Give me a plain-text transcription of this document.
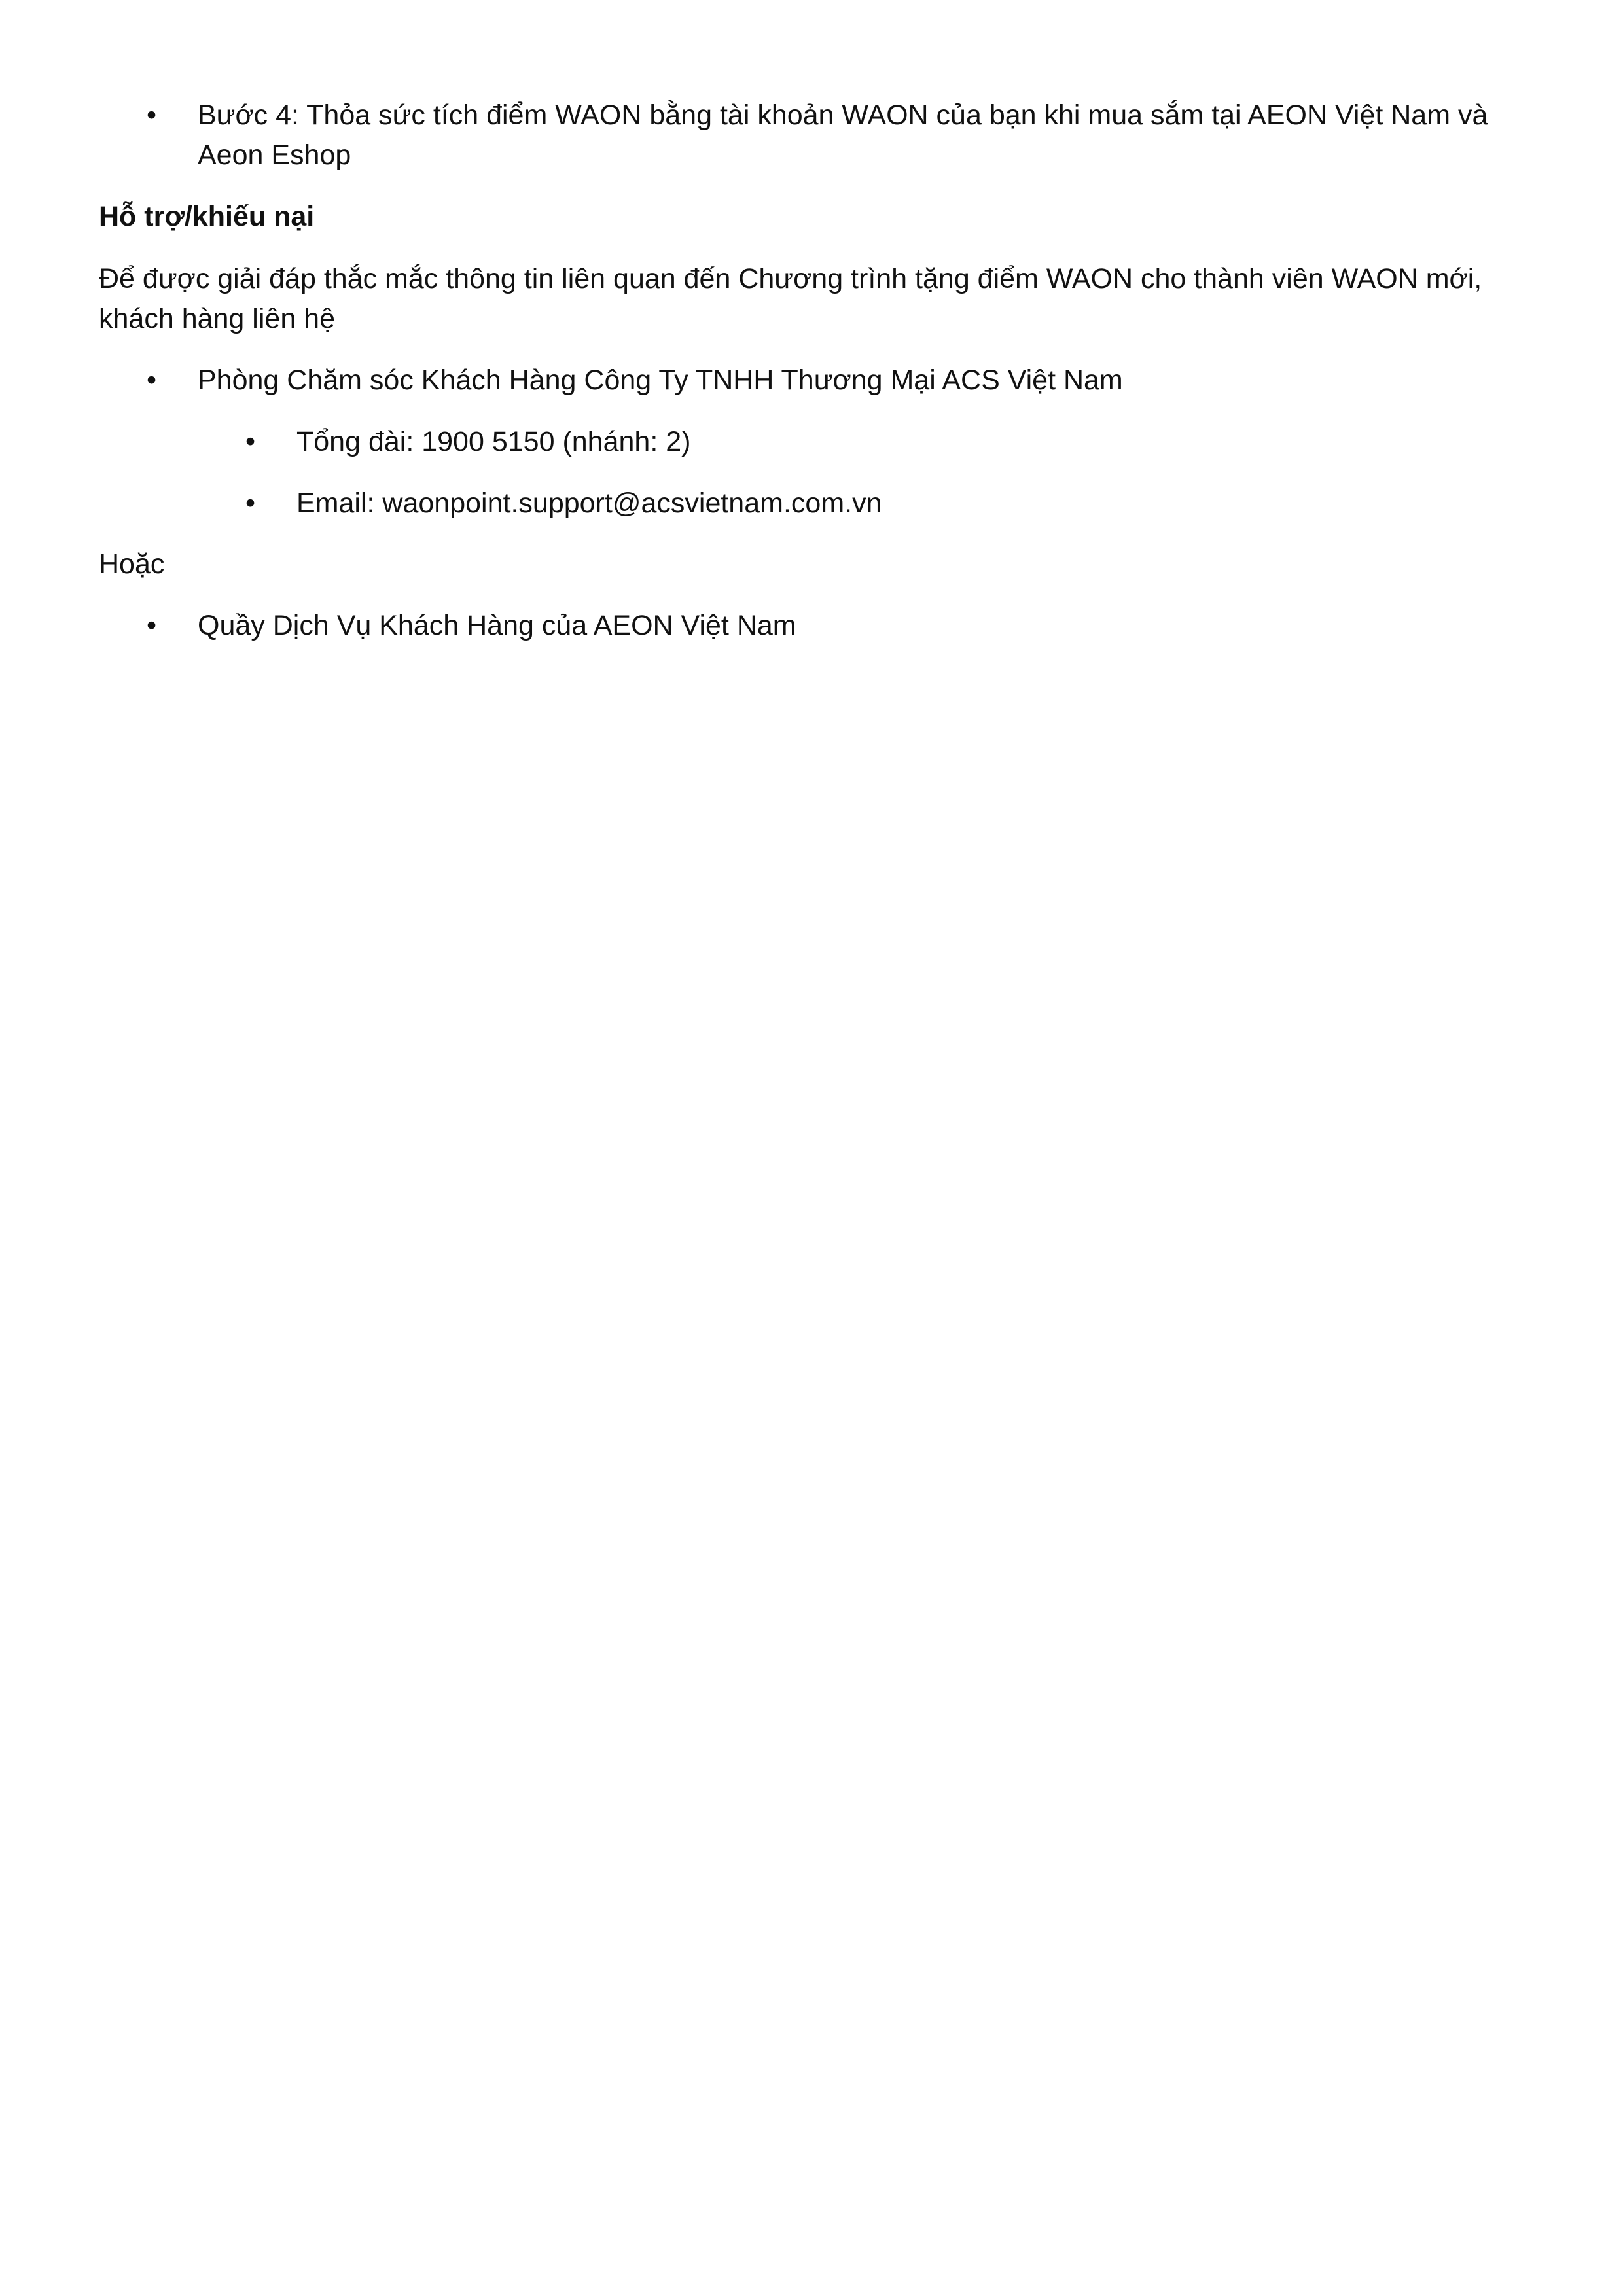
•	Bước 4: Thỏa sức tích điểm WAON bằng tài khoản WAON của bạn khi mua sắm tại AEON Việt Nam và Aeon Eshop

Hỗ trợ/khiếu nại

Để được giải đáp thắc mắc thông tin liên quan đến Chương trình tặng điểm WAON cho thành viên WAON mới, khách hàng liên hệ

•	Phòng Chăm sóc Khách Hàng Công Ty TNHH Thương Mại ACS Việt Nam
•	Tổng đài: 1900 5150 (nhánh: 2)
•	Email: waonpoint.support@acsvietnam.com.vn

Hoặc

•	Quầy Dịch Vụ Khách Hàng của AEON Việt Nam
